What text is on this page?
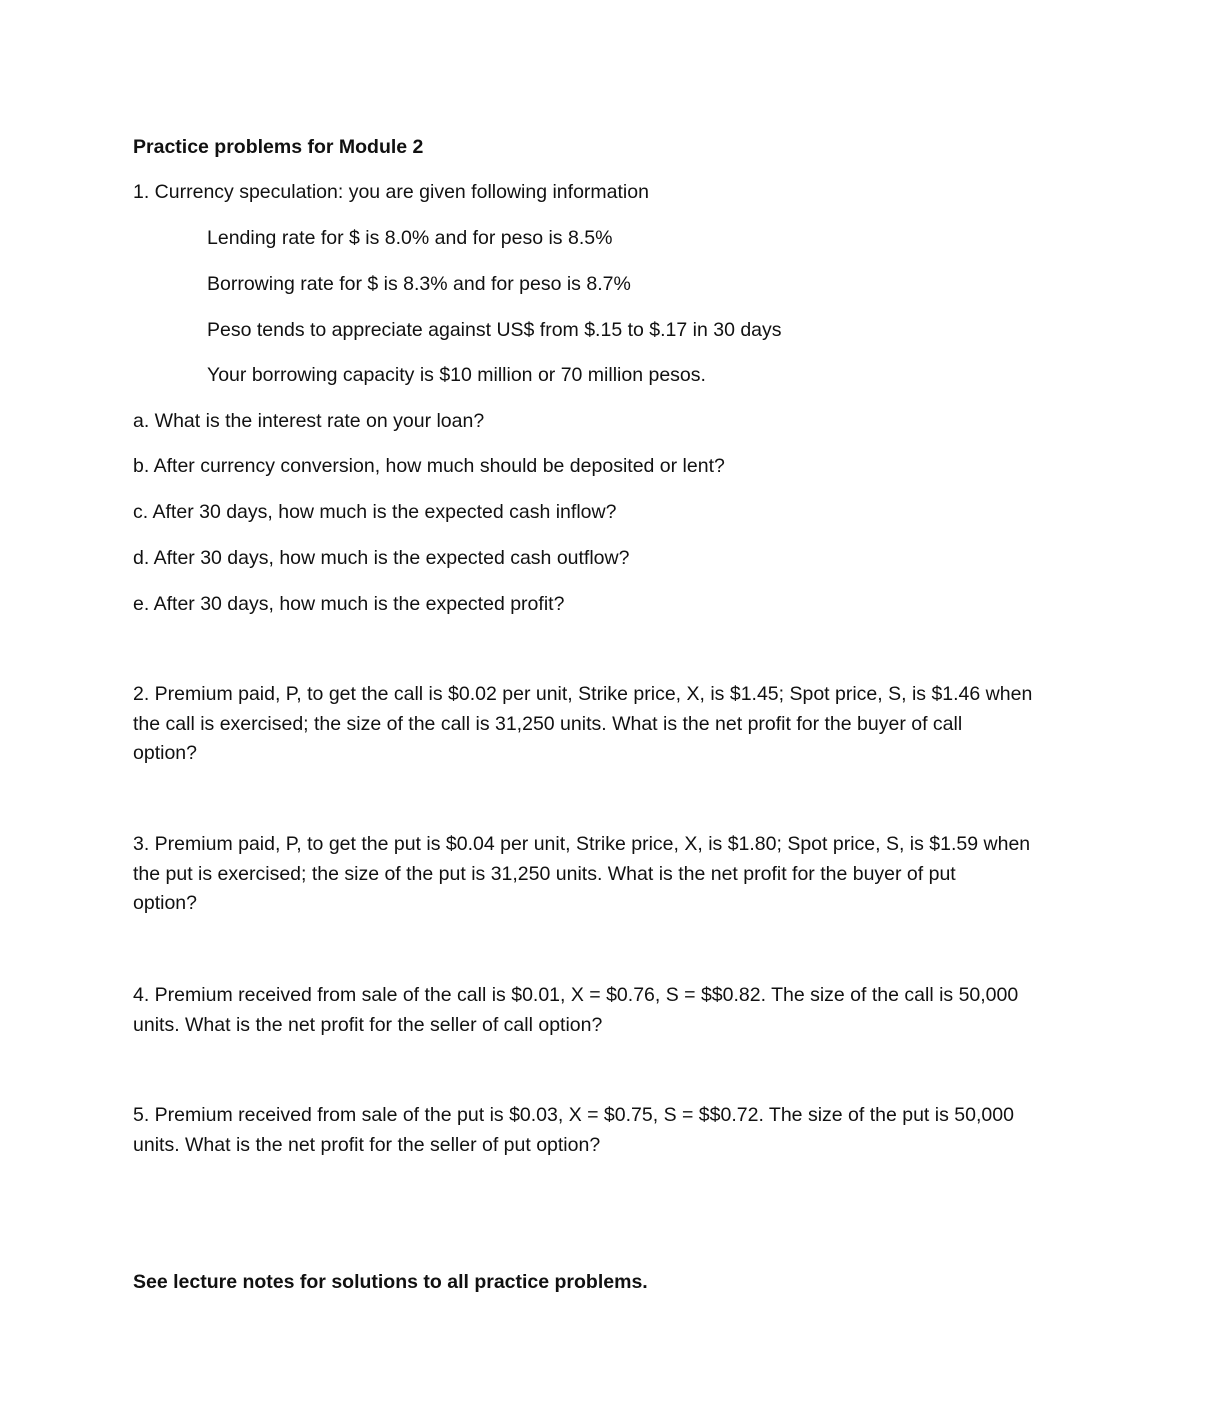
Practice problems for Module 2
1. Currency speculation: you are given following information
Lending rate for $ is 8.0% and for peso is 8.5%
Borrowing rate for $ is 8.3% and for peso is 8.7%
Peso tends to appreciate against US$ from $.15 to $.17 in 30 days
Your borrowing capacity is $10 million or 70 million pesos.
a. What is the interest rate on your loan?
b. After currency conversion, how much should be deposited or lent?
c. After 30 days, how much is the expected cash inflow?
d. After 30 days, how much is the expected cash outflow?
e. After 30 days, how much is the expected profit?
2. Premium paid, P, to get the call is $0.02 per unit, Strike price, X, is $1.45; Spot price, S, is $1.46 when
the call is exercised; the size of the call is 31,250 units. What is the net profit for the buyer of call
option?
3. Premium paid, P, to get the put is $0.04 per unit, Strike price, X, is $1.80; Spot price, S, is $1.59 when
the put is exercised; the size of the put is 31,250 units. What is the net profit for the buyer of put
option?
4. Premium received from sale of the call is $0.01, X = $0.76, S = $$0.82. The size of the call is 50,000
units. What is the net profit for the seller of call option?
5. Premium received from sale of the put is $0.03, X = $0.75, S = $$0.72. The size of the put is 50,000
units. What is the net profit for the seller of put option?
See lecture notes for solutions to all practice problems.
